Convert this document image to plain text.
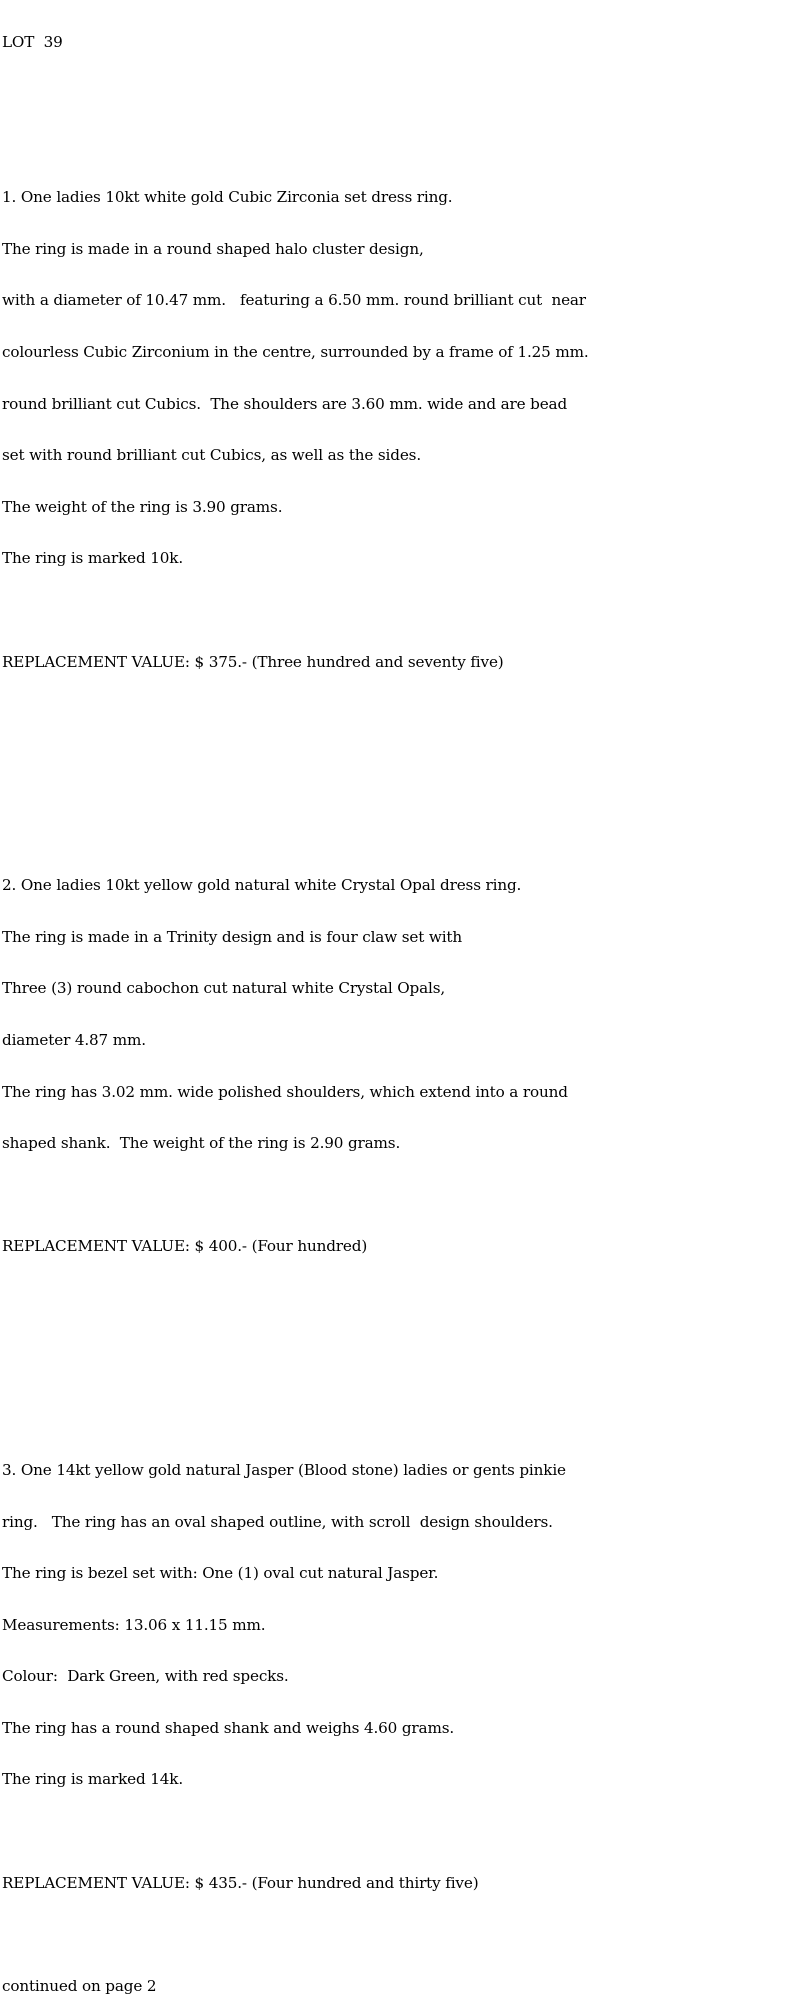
LOT  39

1. One ladies 10kt white gold Cubic Zirconia set dress ring.

The ring is made in a round shaped halo cluster design,

with a diameter of 10.47 mm.   featuring a 6.50 mm. round brilliant cut  near

colourless Cubic Zirconium in the centre, surrounded by a frame of 1.25 mm.

round brilliant cut Cubics.  The shoulders are 3.60 mm. wide and are bead

set with round brilliant cut Cubics, as well as the sides.

The weight of the ring is 3.90 grams.

The ring is marked 10k.

REPLACEMENT VALUE: $ 375.- (Three hundred and seventy five)

2. One ladies 10kt yellow gold natural white Crystal Opal dress ring.

The ring is made in a Trinity design and is four claw set with

Three (3) round cabochon cut natural white Crystal Opals,

diameter 4.87 mm.

The ring has 3.02 mm. wide polished shoulders, which extend into a round

shaped shank.  The weight of the ring is 2.90 grams.

REPLACEMENT VALUE: $ 400.- (Four hundred)

3. One 14kt yellow gold natural Jasper (Blood stone) ladies or gents pinkie

ring.   The ring has an oval shaped outline, with scroll  design shoulders.

The ring is bezel set with: One (1) oval cut natural Jasper.

Measurements: 13.06 x 11.15 mm.

Colour:  Dark Green, with red specks.

The ring has a round shaped shank and weighs 4.60 grams.

The ring is marked 14k.

REPLACEMENT VALUE: $ 435.- (Four hundred and thirty five)

continued on page 2
